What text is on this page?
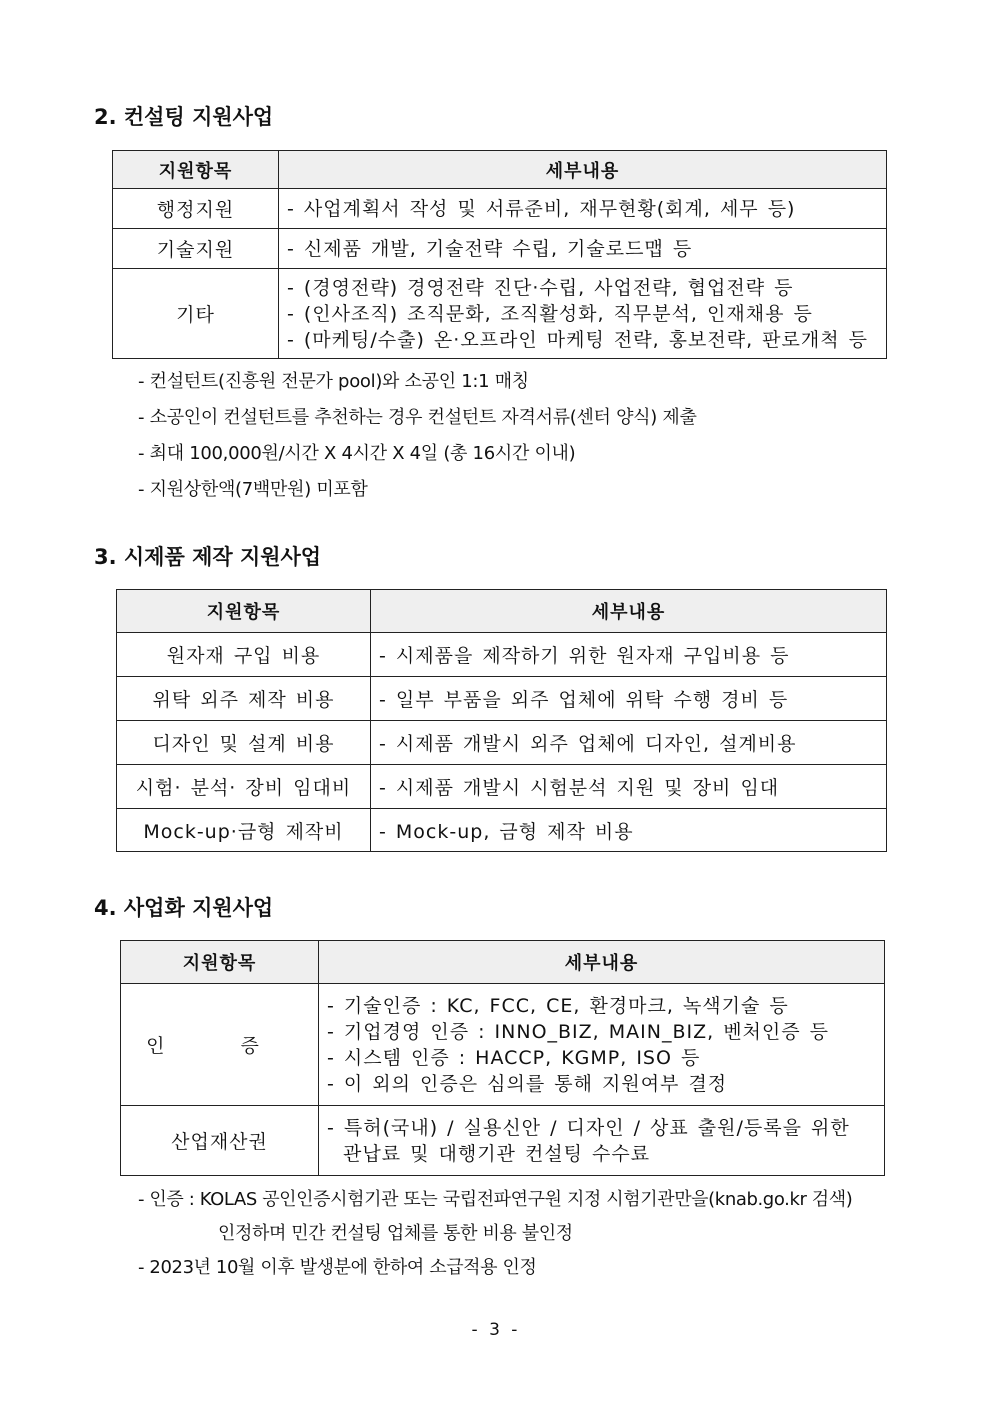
2. 컨설팅 지원사업
지원항목	세부내용
행정지원	- 사업계획서 작성 및 서류준비, 재무현황(회계, 세무 등)

기술지원	- 신제품 개발, 기술전략 수립, 기술로드맵 등

기타	- (경영전략) 경영전략 진단·수립, 사업전략, 협업전략 등
- (인사조직) 조직문화, 조직활성화, 직무분석, 인재채용 등
- (마케팅/수출) 온·오프라인 마케팅 전략, 홍보전략, 판로개척 등
- 컨설턴트(진흥원 전문가 pool)와 소공인 1:1 매칭
- 소공인이 컨설턴트를 추천하는 경우 컨설턴트 자격서류(센터 양식) 제출
- 최대 100,000원/시간 X 4시간 X 4일 (총 16시간 이내)
- 지원상한액(7백만원) 미포함
3. 시제품 제작 지원사업
지원항목	세부내용
원자재 구입 비용	- 시제품을 제작하기 위한 원자재 구입비용 등
위탁 외주 제작 비용	- 일부 부품을 외주 업체에 위탁 수행 경비 등
디자인 및 설계 비용	- 시제품 개발시 외주 업체에 디자인, 설계비용
시험· 분석· 장비 임대비	- 시제품 개발시 시험분석 지원 및 장비 임대
Mock-up·금형 제작비	- Mock-up, 금형 제작 비용
4. 사업화 지원사업
지원항목	세부내용
인 증	- 기술인증 : KC, FCC, CE, 환경마크, 녹색기술 등
- 기업경영 인증 : INNO_BIZ, MAIN_BIZ, 벤처인증 등
- 시스템 인증 : HACCP, KGMP, ISO 등
- 이 외의 인증은 심의를 통해 지원여부 결정

산업재산권	- 특허(국내) / 실용신안 / 디자인 / 상표 출원/등록을 위한 관납료 및 대행기관 컨설팅 수수료
- 인증 : KOLAS 공인인증시험기관 또는 국립전파연구원 지정 시험기관만을(knab.go.kr 검색)
인정하며 민간 컨설팅 업체를 통한 비용 불인정
- 2023년 10월 이후 발생분에 한하여 소급적용 인정
- 3 -
